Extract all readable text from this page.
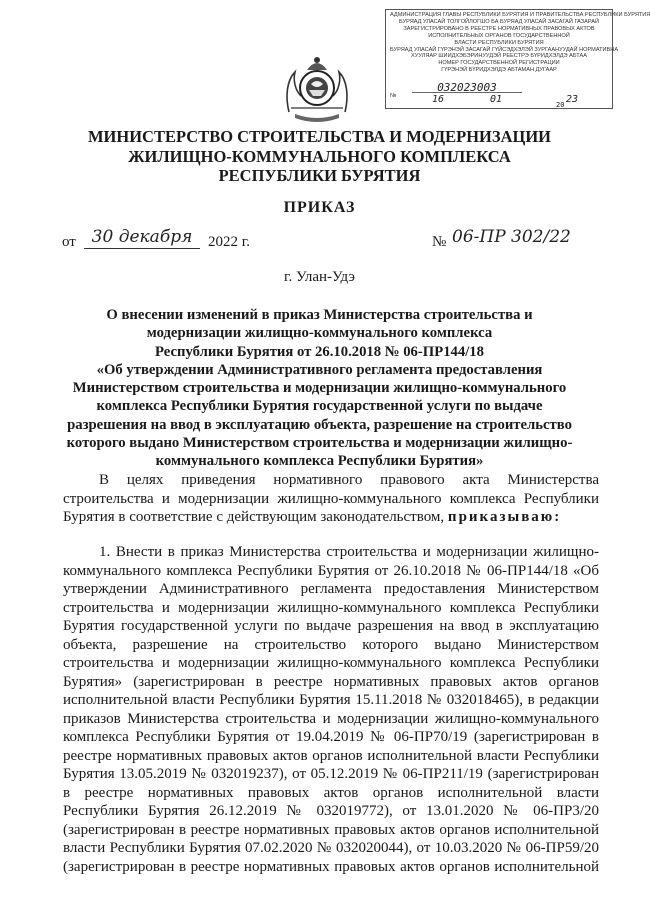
АДМИНИСТРАЦИЯ ГЛАВЫ РЕСПУБЛИКИ БУРЯТИЯ И ПРАВИТЕЛЬСТВА РЕСПУБЛИКИ БУРЯТИЯ
БУРЯАД УЛАСАЙ ТОЛГОЙЛОГШО БА БУРЯАД УЛАСАЙ ЗАСАГАЙ ГАЗАРАЙ
ЗАРЕГИСТРИРОВАНО В РЕЕСТРЕ НОРМАТИВНЫХ ПРАВОВЫХ АКТОВ
ИСПОЛНИТЕЛЬНЫХ ОРГАНОВ ГОСУДАРСТВЕННОЙ
ВЛАСТИ РЕСПУБЛИКИ БУРЯТИЯ
БУРЯАД УЛАСАЙ ГҮРЭНЭЙ ЗАСАГАЙ ГҮЙСЭДХЭЛЭЙ ЗУРГААНУУДАЙ НОРМАТИВНА
ХУУЛЯАР ШИИДХЭБЭРИНУУДЭЙ РЕЕСТРЭ БҮРИДХЭЛДЭ АБТАА
НОМЕР ГОСУДАРСТВЕННОЙ РЕГИСТРАЦИИ
ГҮРЭНЭЙ БҮРИДХЭЛДЭ АБТАМАН ДУГААР
№
032023003
16	01	20 23
МИНИСТЕРСТВО СТРОИТЕЛЬСТВА И МОДЕРНИЗАЦИИ
ЖИЛИЩНО-КОММУНАЛЬНОГО КОМПЛЕКСА
РЕСПУБЛИКИ БУРЯТИЯ
ПРИКАЗ
от 30 декабря	2022 г.	№ 06-ПР 302/22
г. Улан-Удэ
О внесении изменений в приказ Министерства строительства и
модернизации жилищно-коммунального комплекса
Республики Бурятия от 26.10.2018 № 06-ПР144/18
«Об утверждении Административного регламента предоставления
Министерством строительства и модернизации жилищно-коммунального
комплекса Республики Бурятия государственной услуги по выдаче
разрешения на ввод в эксплуатацию объекта, разрешение на строительство
которого выдано Министерством строительства и модернизации жилищно-
коммунального комплекса Республики Бурятия»
В целях приведения нормативного правового акта Министерства
строительства и модернизации жилищно-коммунального комплекса Республики
Бурятия в соответствие с действующим законодательством, приказываю:
1. Внести в приказ Министерства строительства и модернизации жилищно-
коммунального комплекса Республики Бурятия от 26.10.2018 № 06-ПР144/18 «Об
утверждении Административного регламента предоставления Министерством
строительства и модернизации жилищно-коммунального комплекса Республики
Бурятия государственной услуги по выдаче разрешения на ввод в эксплуатацию
объекта, разрешение на строительство которого выдано Министерством
строительства и модернизации жилищно-коммунального комплекса Республики
Бурятия» (зарегистрирован в реестре нормативных правовых актов органов
исполнительной власти Республики Бурятия 15.11.2018 № 032018465), в редакции
приказов Министерства строительства и модернизации жилищно-коммунального
комплекса Республики Бурятия от 19.04.2019 № 06-ПР70/19 (зарегистрирован в
реестре нормативных правовых актов органов исполнительной власти Республики
Бурятия 13.05.2019 № 032019237), от 05.12.2019 № 06-ПР211/19 (зарегистрирован
в реестре нормативных правовых актов органов исполнительной власти
Республики Бурятия 26.12.2019 № 032019772), от 13.01.2020 № 06-ПР3/20
(зарегистрирован в реестре нормативных правовых актов органов исполнительной
власти Республики Бурятия 07.02.2020 № 032020044), от 10.03.2020 № 06-ПР59/20
(зарегистрирован в реестре нормативных правовых актов органов исполнительной
